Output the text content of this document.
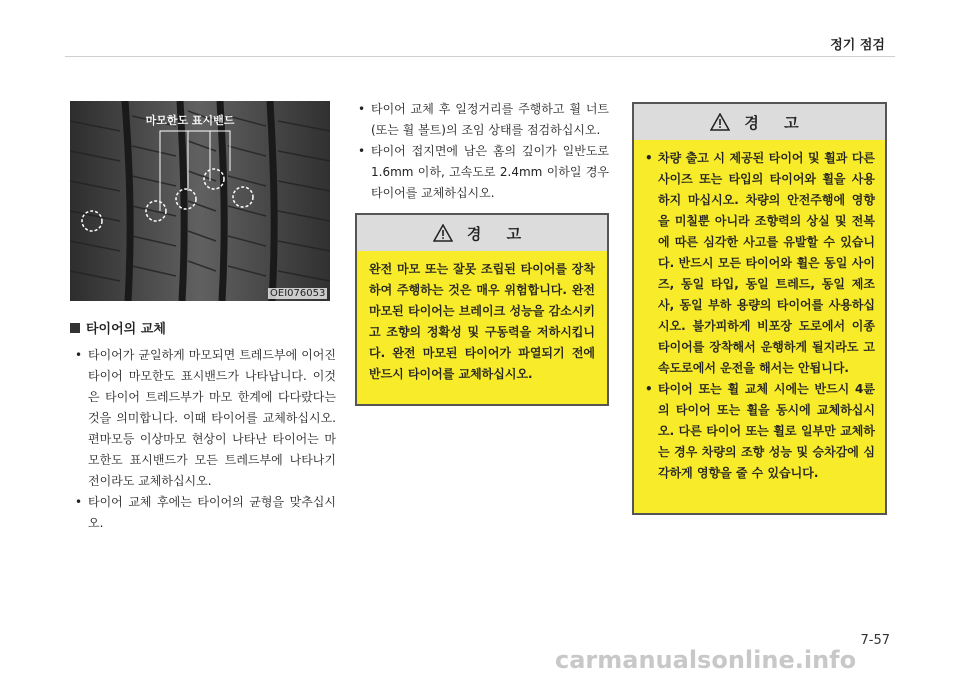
정기 점검
마모한도 표시밴드
OEI076053
타이어의 교체
• 타이어가 균일하게 마모되면 트레드부에 이어진 타이어 마모한도 표시밴드가 나타납니다. 이것은 타이어 트레드부가 마모 한계에 다다랐다는 것을 의미합니다. 이때 타이어를 교체하십시오. 편마모등 이상마모 현상이 나타난 타이어는 마모한도 표시밴드가 모든 트레드부에 나타나기 전이라도 교체하십시오.
• 타이어 교체 후에는 타이어의 균형을 맞추십시오.
• 타이어 교체 후 일정거리를 주행하고 휠 너트(또는 휠 볼트)의 조임 상태를 점검하십시오.
• 타이어 접지면에 남은 홈의 깊이가 일반도로 1.6mm 이하, 고속도로 2.4mm 이하일 경우 타이어를 교체하십시오.
경 고
완전 마모 또는 잘못 조립된 타이어를 장착하여 주행하는 것은 매우 위험합니다. 완전 마모된 타이어는 브레이크 성능을 감소시키고 조향의 정확성 및 구동력을 저하시킵니다. 완전 마모된 타이어가 파열되기 전에 반드시 타이어를 교체하십시오.
경 고
• 차량 출고 시 제공된 타이어 및 휠과 다른 사이즈 또는 타입의 타이어와 휠을 사용하지 마십시오. 차량의 안전주행에 영향을 미칠뿐 아니라 조향력의 상실 및 전복에 따른 심각한 사고를 유발할 수 있습니다. 반드시 모든 타이어와 휠은 동일 사이즈, 동일 타입, 동일 트레드, 동일 제조사, 동일 부하 용량의 타이어를 사용하십시오. 불가피하게 비포장 도로에서 이종 타이어를 장착해서 운행하게 될지라도 고속도로에서 운전을 해서는 안됩니다.
• 타이어 또는 휠 교체 시에는 반드시 4륜의 타이어 또는 휠을 동시에 교체하십시오. 다른 타이어 또는 휠로 일부만 교체하는 경우 차량의 조향 성능 및 승차감에 심각하게 영향을 줄 수 있습니다.
7-57
carmanualsonline.info
